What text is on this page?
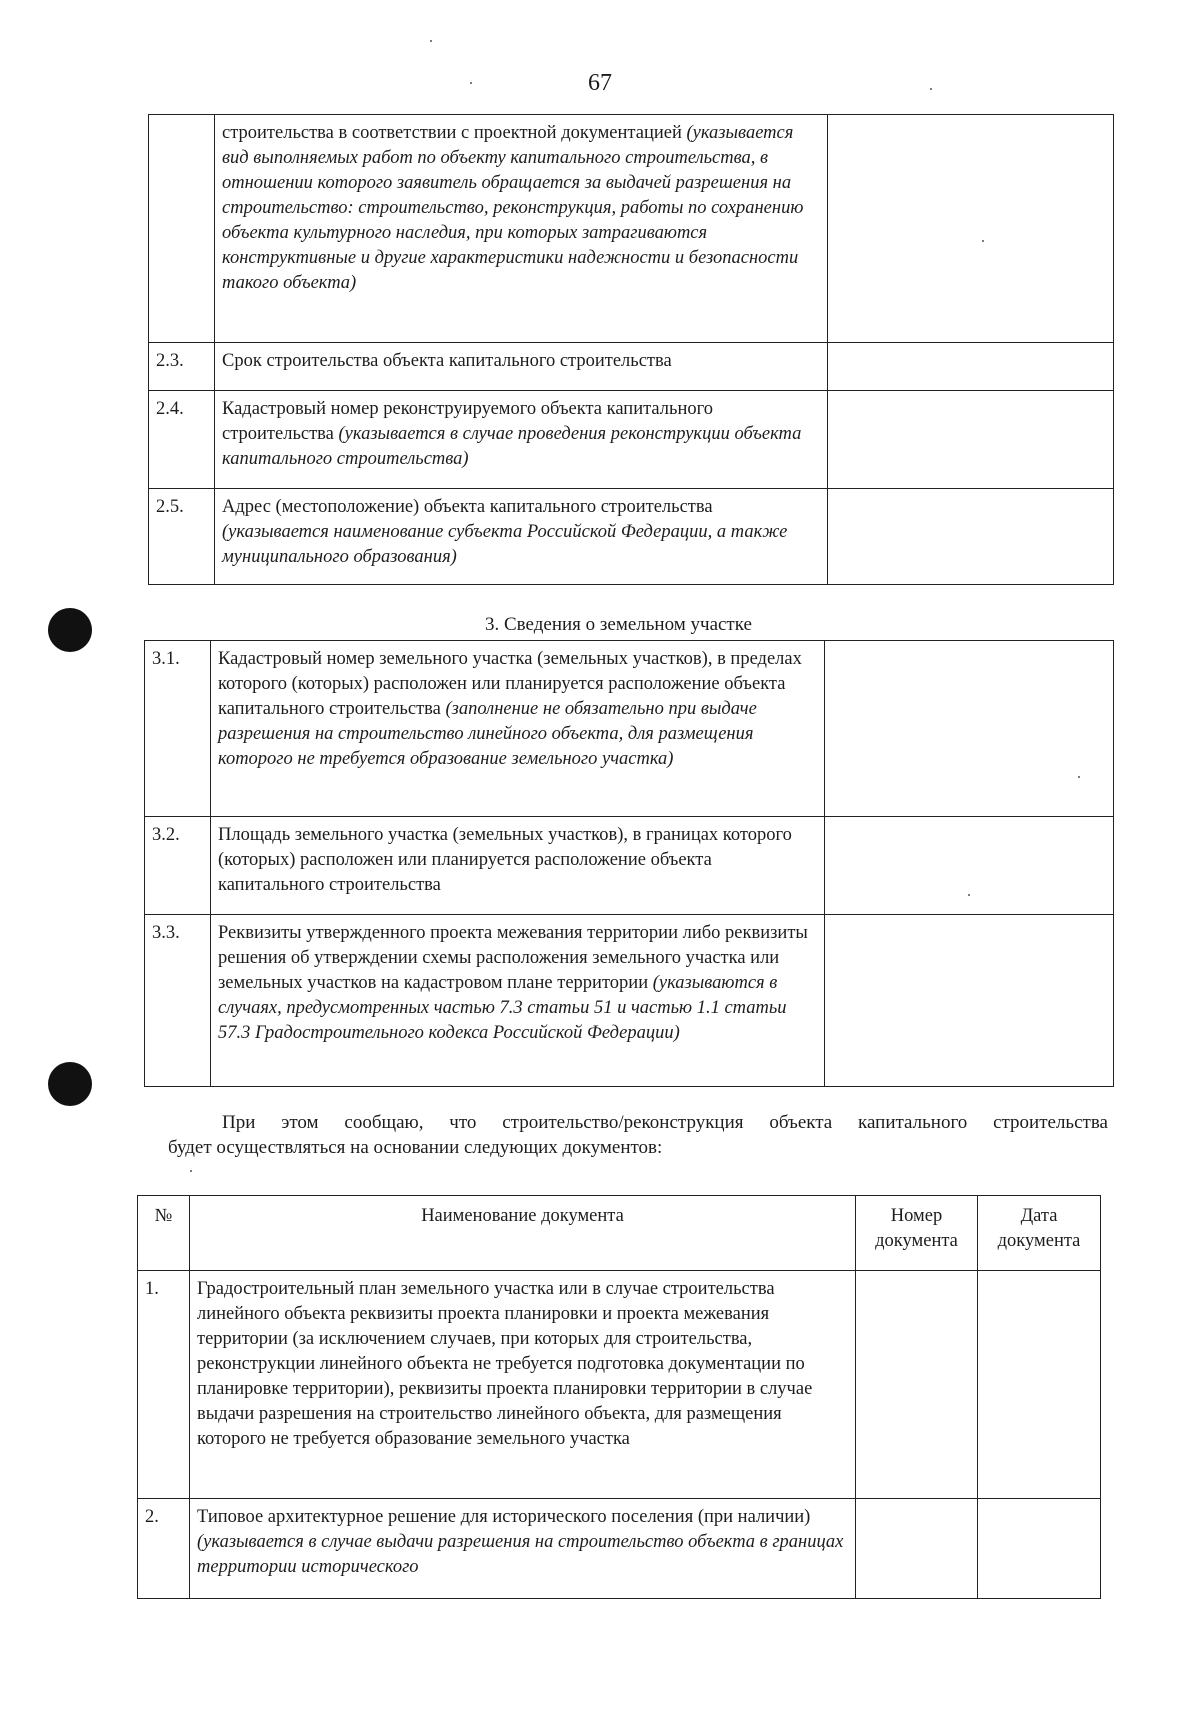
67
	строительства в соответствии с проектной документацией (указывается вид выполняемых работ по объекту капитального строительства, в отношении которого заявитель обращается за выдачей разрешения на строительство: строительство, реконструкция, работы по сохранению объекта культурного наследия, при которых затрагиваются конструктивные и другие характеристики надежности и безопасности такого объекта)	
2.3.	Срок строительства объекта капитального строительства	
2.4.	Кадастровый номер реконструируемого объекта капитального строительства (указывается в случае проведения реконструкции объекта капитального строительства)	
2.5.	Адрес (местоположение) объекта капитального строительства (указывается наименование субъекта Российской Федерации, а также муниципального образования)	
3. Сведения о земельном участке
3.1.	Кадастровый номер земельного участка (земельных участков), в пределах которого (которых) расположен или планируется расположение объекта капитального строительства (заполнение не обязательно при выдаче разрешения на строительство линейного объекта, для размещения которого не требуется образование земельного участка)	
3.2.	Площадь земельного участка (земельных участков), в границах которого (которых) расположен или планируется расположение объекта капитального строительства	
3.3.	Реквизиты утвержденного проекта межевания территории либо реквизиты решения об утверждении схемы расположения земельного участка или земельных участков на кадастровом плане территории (указываются в случаях, предусмотренных частью 7.3 статьи 51 и частью 1.1 статьи 57.3 Градостроительного кодекса Российской Федерации)	
При этом сообщаю, что строительство/реконструкция объекта капитального строительства
будет осуществляться на основании следующих документов:
№	Наименование документа	Номер документа	Дата документа
1.	Градостроительный план земельного участка или в случае строительства линейного объекта реквизиты проекта планировки и проекта межевания территории (за исключением случаев, при которых для строительства, реконструкции линейного объекта не требуется подготовка документации по планировке территории), реквизиты проекта планировки территории в случае выдачи разрешения на строительство линейного объекта, для размещения которого не требуется образование земельного участка		
2.	Типовое архитектурное решение для исторического поселения (при наличии) (указывается в случае выдачи разрешения на строительство объекта в границах территории исторического		
